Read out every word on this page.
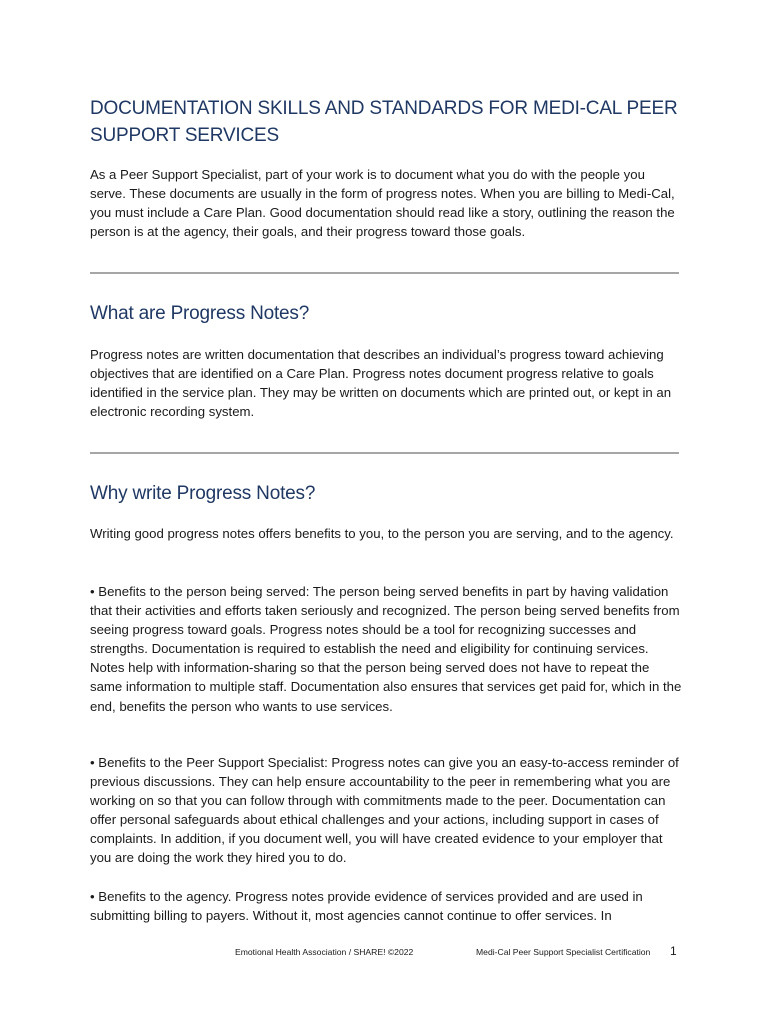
DOCUMENTATION SKILLS AND STANDARDS FOR MEDI-CAL PEER SUPPORT SERVICES

As a Peer Support Specialist, part of your work is to document what you do with the people you serve. These documents are usually in the form of progress notes. When you are billing to Medi-Cal, you must include a Care Plan. Good documentation should read like a story, outlining the reason the person is at the agency, their goals, and their progress toward those goals.

What are Progress Notes?

Progress notes are written documentation that describes an individual’s progress toward achieving objectives that are identified on a Care Plan. Progress notes document progress relative to goals identified in the service plan. They may be written on documents which are printed out, or kept in an electronic recording system.

Why write Progress Notes?

Writing good progress notes offers benefits to you, to the person you are serving, and to the agency.

• Benefits to the person being served: The person being served benefits in part by having validation that their activities and efforts taken seriously and recognized. The person being served benefits from seeing progress toward goals. Progress notes should be a tool for recognizing successes and strengths. Documentation is required to establish the need and eligibility for continuing services. Notes help with information-sharing so that the person being served does not have to repeat the same information to multiple staff. Documentation also ensures that services get paid for, which in the end, benefits the person who wants to use services.

• Benefits to the Peer Support Specialist: Progress notes can give you an easy-to-access reminder of previous discussions. They can help ensure accountability to the peer in remembering what you are working on so that you can follow through with commitments made to the peer. Documentation can offer personal safeguards about ethical challenges and your actions, including support in cases of complaints. In addition, if you document well, you will have created evidence to your employer that you are doing the work they hired you to do.

• Benefits to the agency. Progress notes provide evidence of services provided and are used in submitting billing to payers. Without it, most agencies cannot continue to offer services. In

Emotional Health Association / SHARE! ©2022	Medi-Cal Peer Support Specialist Certification 1
